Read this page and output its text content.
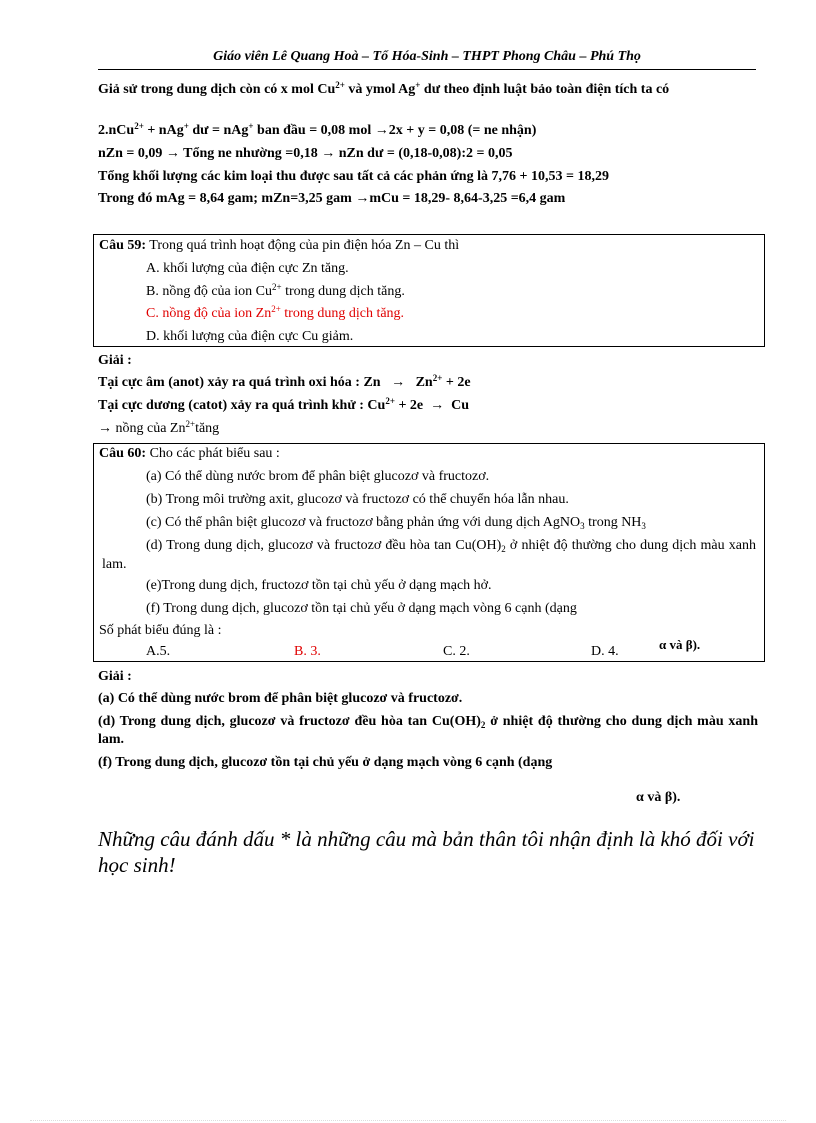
Giáo viên Lê Quang Hoà – Tổ Hóa-Sinh – THPT Phong Châu – Phú Thọ
Giả sử trong dung dịch còn có x mol $Cu^{2+}$ và ymol Ag+ dư theo định luật bảo toàn điện tích ta có
2.nCu$^{2+}$ + nAg+ dư = nAg+ ban đầu = 0,08 mol →2x + y = 0,08 (= ne nhận)
nZn = 0,09 → Tổng ne nhường =0,18 → nZn dư = (0,18-0,08):2 = 0,05
Tổng khối lượng các kim loại thu được sau tất cả các phản ứng là 7,76 + 10,53 = 18,29
Trong đó mAg = 8,64 gam; mZn=3,25 gam →mCu = 18,29- 8,64-3,25 =6,4 gam
Câu 59: Trong quá trình hoạt động của pin điện hóa Zn – Cu thì
A. khối lượng của điện cực Zn tăng.
B. nồng độ của ion $Cu^{2+}$ trong dung dịch tăng.
C. nồng độ của ion $Zn^{2+}$ trong dung dịch tăng.
D. khối lượng của điện cực Cu giảm.
Giải :
Tại cực âm (anot) xảy ra quá trình oxi hóa : $Zn \to Zn^{2+} + 2e$
Tại cực dương (catot) xảy ra quá trình khử : $Cu^{2+} + 2e \to Cu$
→ nồng của $Zn^{2+}tăng$
Câu 60: Cho các phát biểu sau :
(a) Có thể dùng nước brom để phân biệt glucozơ và fructozơ.
(b) Trong môi trường axit, glucozơ và fructozơ có thể chuyển hóa lẫn nhau.
(c) Có thể phân biệt glucozơ và fructozơ bằng phản ứng với dung dịch AgNO$_3$ trong $NH_3$
(d) Trong dung dịch, glucozơ và fructozơ đều hòa $\tan Cu(OH)_2$ ở nhiệt độ thường cho dung dịch màu xanh lam.
(e)Trong dung dịch, fructozơ tồn tại chủ yếu ở dạng mạch hở.
(f) Trong dung dịch, glucozơ tồn tại chủ yếu ở dạng mạch vòng 6 cạnh (dạng
Số phát biểu đúng là :
α và β).
A.5.	B. 3.	C. 2.	D. 4.
Giải :
(a) Có thể dùng nước brom để phân biệt glucozơ và fructozơ.
(d) Trong dung dịch, glucozơ và fructozơ đều hòa $\tan Cu(OH)_2$ ở nhiệt độ thường cho dung dịch màu xanh lam.
(f) Trong dung dịch, glucozơ tồn tại chủ yếu ở dạng mạch vòng 6 cạnh (dạng
α và β).
Những câu đánh dấu * là những câu mà bản thân tôi nhận định là khó đối với học sinh!
